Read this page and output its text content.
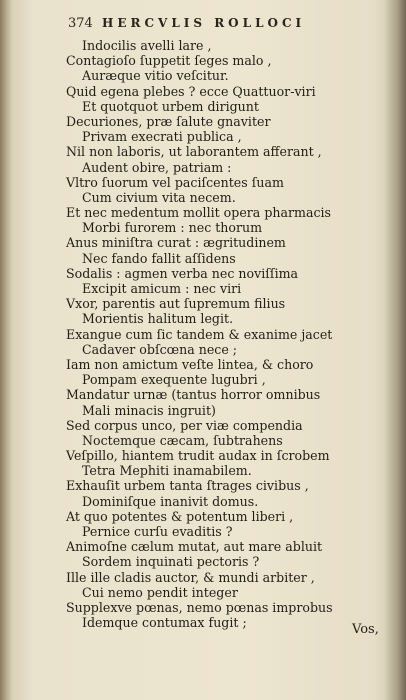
374 HERCVLIS ROLLOCI
Indocilis avelli lare ,
Contagioſo ſuppetit ſeges malo ,
Auræque vitio veſcitur.
Quid egena plebes ? ecce Quattuor-viri
Et quotquot urbem dirigunt
Decuriones, præ ſalute gnaviter
Privam execrati publica ,
Nil non laboris, ut laborantem afferant ,
Audent obire, patriam :
Vltro ſuorum vel paciſcentes ſuam
Cum civium vita necem.
Et nec medentum mollit opera pharmacis
Morbi furorem : nec thorum
Anus miniſtra curat : ægritudinem
Nec fando fallit aſſidens
Sodalis : agmen verba nec noviſſima
Excipit amicum : nec viri
Vxor, parentis aut ſupremum filius
Morientis halitum legit.
Exangue cum ſic tandem & exanime jacet
Cadaver obſcœna nece ;
Iam non amictum veſte lintea, & choro
Pompam exequente lugubri ,
Mandatur urnæ (tantus horror omnibus
Mali minacis ingruit)
Sed corpus unco, per viæ compendia
Noctemque cæcam, ſubtrahens
Veſpillo, hiantem trudit audax in ſcrobem
Tetra Mephiti inamabilem.
Exhauſit urbem tanta ſtrages civibus ,
Dominiſque inanivit domus.
At quo potentes & potentum liberi ,
Pernice curſu evaditis ?
Animoſne cælum mutat, aut mare abluit
Sordem inquinati pectoris ?
Ille ille cladis auctor, & mundi arbiter ,
Cui nemo pendit integer
Supplexve pœnas, nemo pœnas improbus
Idemque contumax fugit ;	Vos,
